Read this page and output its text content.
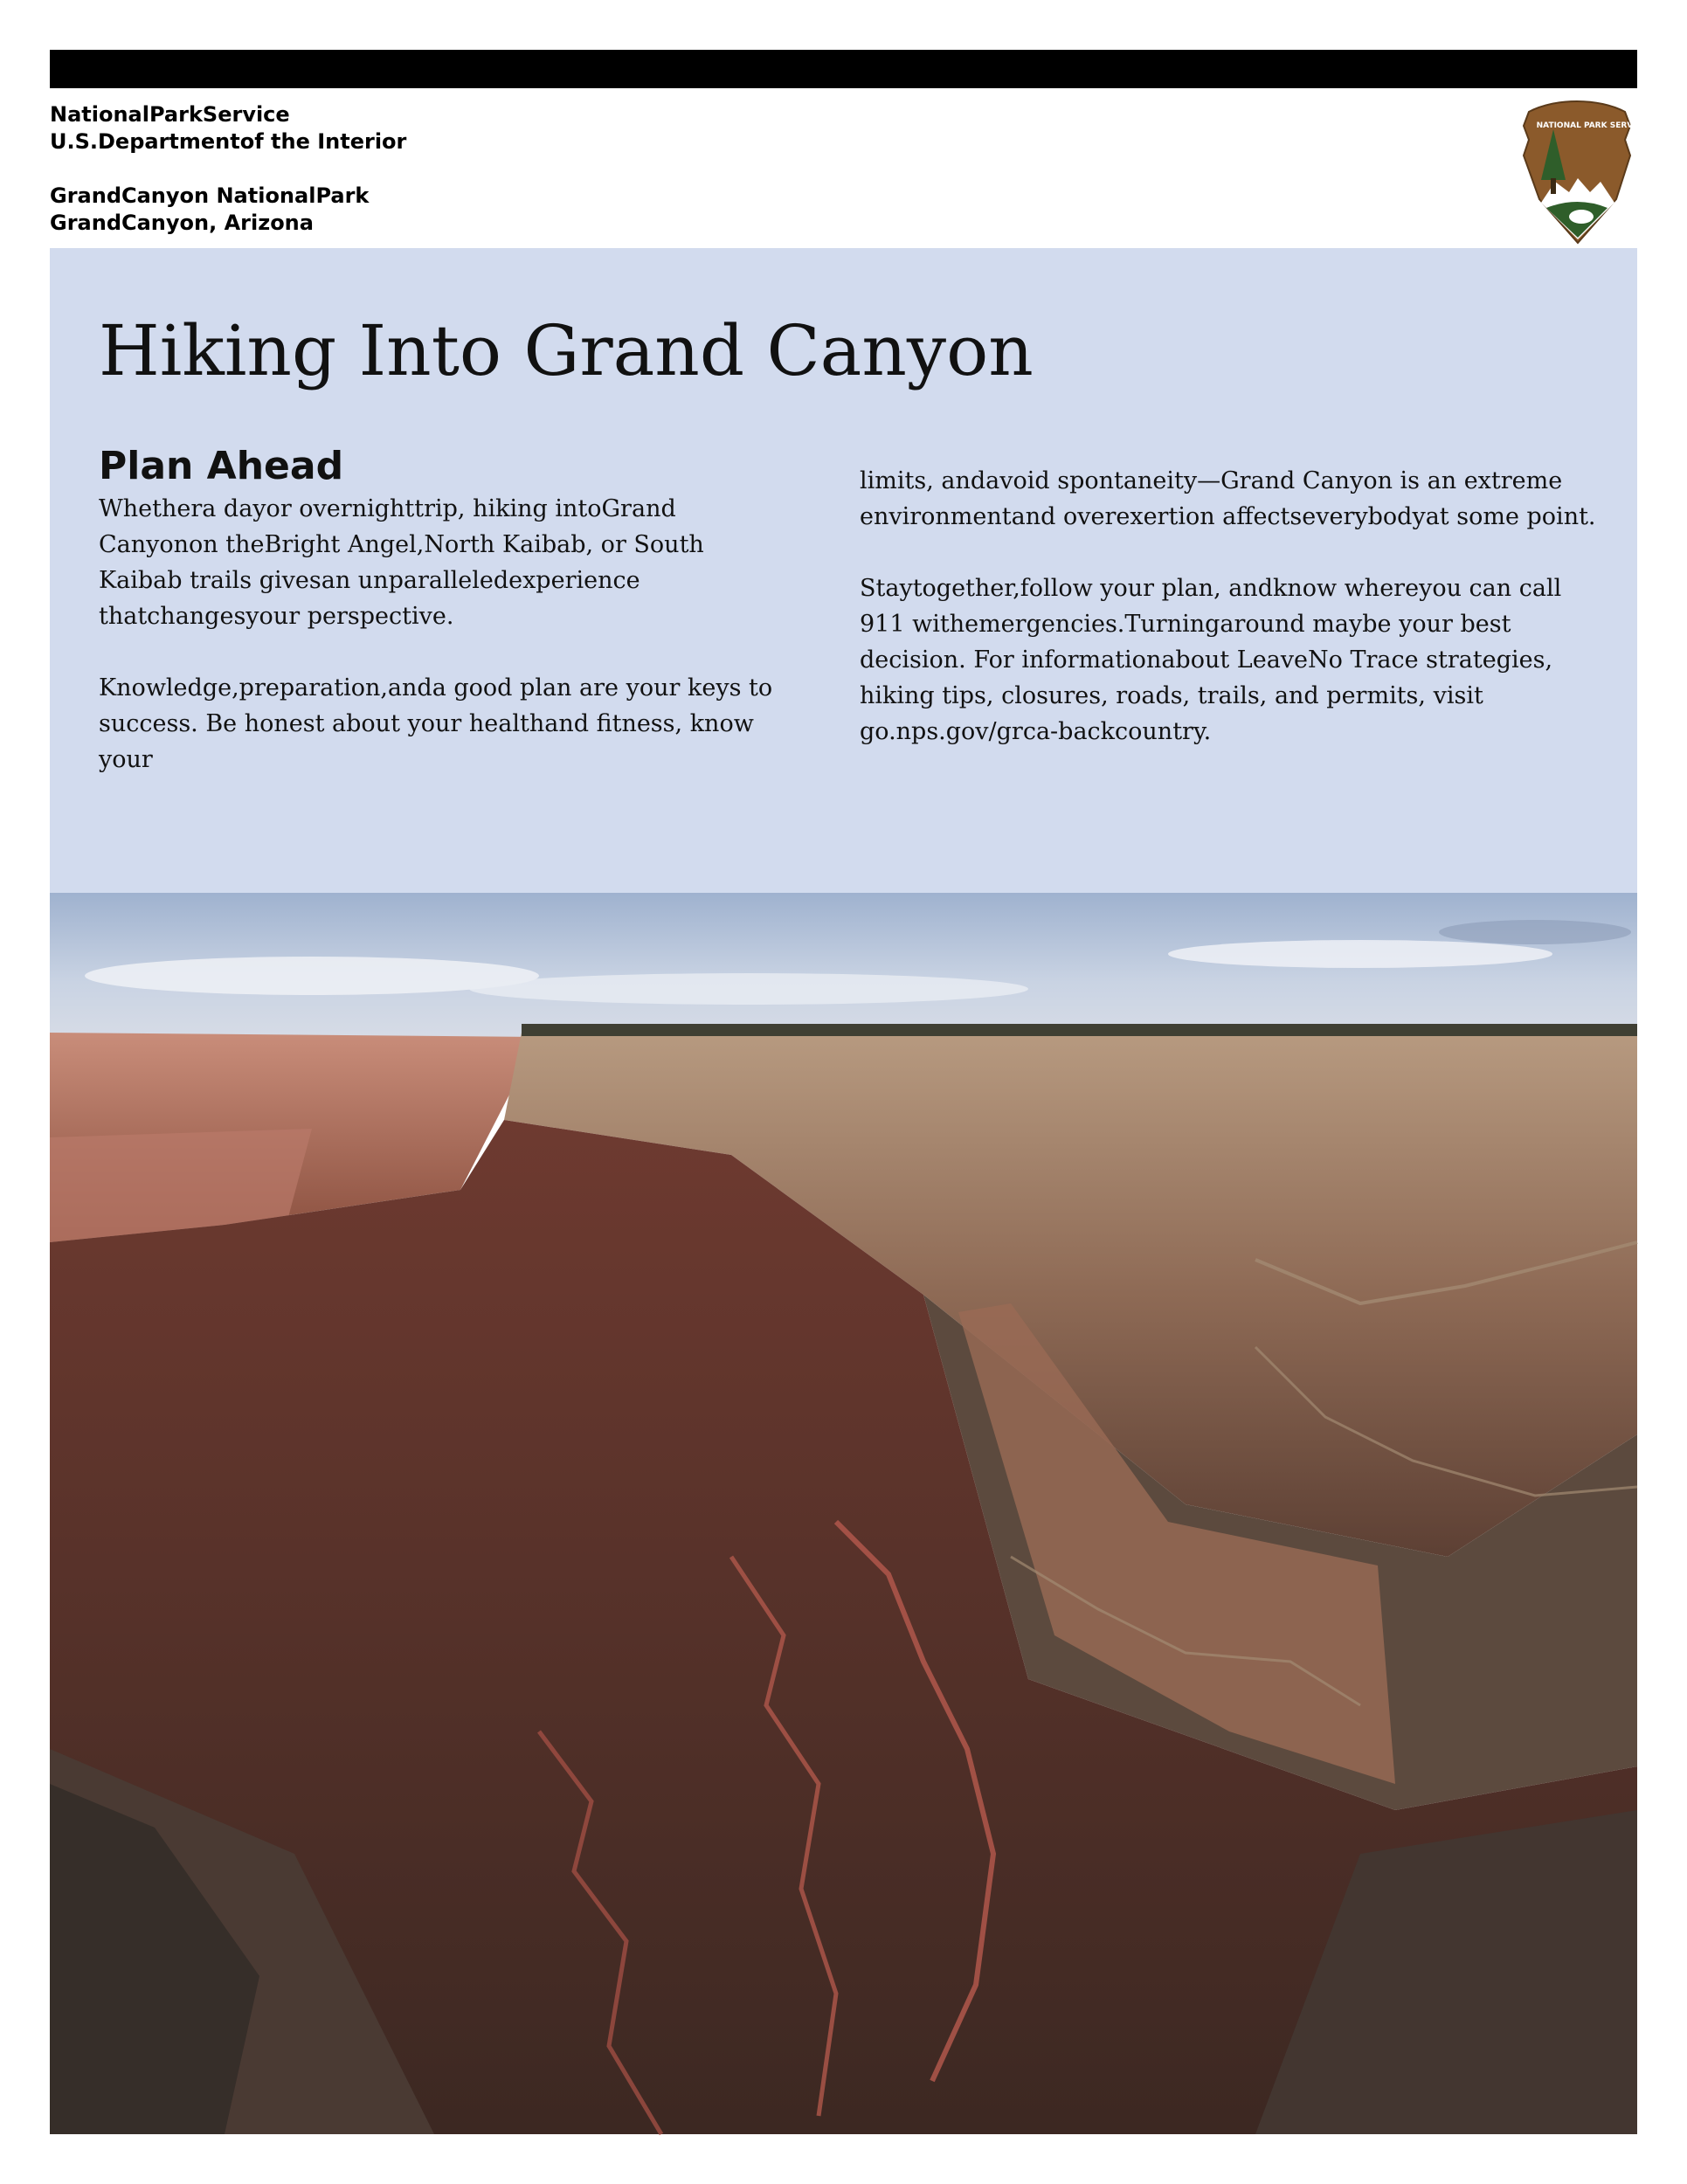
NationalParkService
U.S.Departmentof the Interior
GrandCanyon NationalPark
GrandCanyon, Arizona
NATIONAL PARK SERVICE
Hiking Into Grand Canyon
Plan Ahead

Whethera dayor overnighttrip, hiking intoGrand Canyonon theBright Angel,North Kaibab, or South Kaibab trails givesan unparalleledexperience thatchangesyour perspective.

Knowledge,preparation,anda good plan are your keys to success. Be honest about your healthand fitness, know your

limits, andavoid spontaneity—Grand Canyon is an extreme environmentand overexertion affectseverybodyat some point.

Staytogether,follow your plan, andknow whereyou can call 911 withemergencies.Turningaround maybe your best decision. For informationabout LeaveNo Trace strategies, hiking tips, closures, roads, trails, and permits, visit go.nps.gov/grca-backcountry.
